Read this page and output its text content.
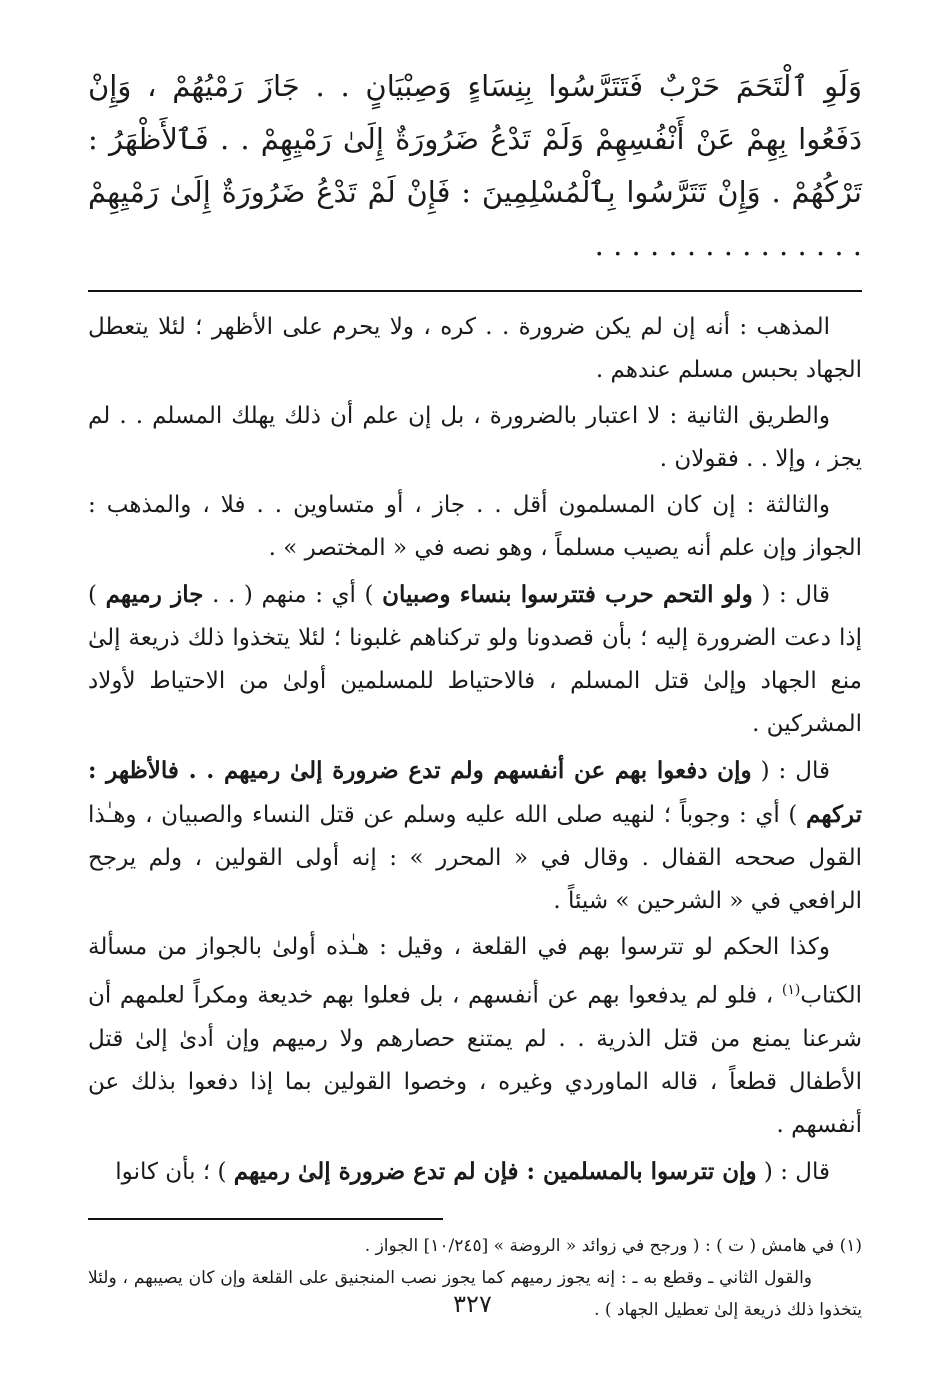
وَلَوِ ٱلْتَحَمَ حَرْبٌ فَتَتَرَّسُوا بِنِسَاءٍ وَصِبْيَانٍ . . جَازَ رَمْيُهُمْ ، وَإِنْ دَفَعُوا بِهِمْ عَنْ أَنْفُسِهِمْ وَلَمْ تَدْعُ ضَرُورَةٌ إِلَىٰ رَمْيِهِمْ . . فَٱلأَظْهَرُ : تَرْكُهُمْ . وَإِنْ تَتَرَّسُوا بِٱلْمُسْلِمِينَ : فَإِنْ لَمْ تَدْعُ ضَرُورَةٌ إِلَىٰ رَمْيِهِمْ . . . . . . . . . . . . . . .

المذهب : أنه إن لم يكن ضرورة . . كره ، ولا يحرم على الأظهر ؛ لئلا يتعطل الجهاد بحبس مسلم عندهم .

والطريق الثانية : لا اعتبار بالضرورة ، بل إن علم أن ذلك يهلك المسلم . . لم يجز ، وإلا . . فقولان .

والثالثة : إن كان المسلمون أقل . . جاز ، أو متساوين . . فلا ، والمذهب : الجواز وإن علم أنه يصيب مسلماً ، وهو نصه في « المختصر » .

قال : ( ولو التحم حرب فتترسوا بنساء وصبيان ) أي : منهم ( . . جاز رميهم ) إذا دعت الضرورة إليه ؛ بأن قصدونا ولو تركناهم غلبونا ؛ لئلا يتخذوا ذلك ذريعة إلىٰ منع الجهاد وإلىٰ قتل المسلم ، فالاحتياط للمسلمين أولىٰ من الاحتياط لأولاد المشركين .

قال : ( وإن دفعوا بهم عن أنفسهم ولم تدع ضرورة إلىٰ رميهم . . فالأظهر : تركهم ) أي : وجوباً ؛ لنهيه صلى الله عليه وسلم عن قتل النساء والصبيان ، وهـٰذا القول صححه القفال . وقال في « المحرر » : إنه أولى القولين ، ولم يرجح الرافعي في « الشرحين » شيئاً .

وكذا الحكم لو تترسوا بهم في القلعة ، وقيل : هـٰذه أولىٰ بالجواز من مسألة الكتاب$^{(١)}$ ، فلو لم يدفعوا بهم عن أنفسهم ، بل فعلوا بهم خديعة ومكراً لعلمهم أن شرعنا يمنع من قتل الذرية . . لم يمتنع حصارهم ولا رميهم وإن أدىٰ إلىٰ قتل الأطفال قطعاً ، قاله الماوردي وغيره ، وخصوا القولين بما إذا دفعوا بذلك عن أنفسهم .

قال : ( وإن تترسوا بالمسلمين : فإن لم تدع ضرورة إلىٰ رميهم ) ؛ بأن كانوا

(١) في هامش ( ت ) : ( ورجح في زوائد « الروضة » [١٠/٢٤٥] الجواز .

والقول الثاني ـ وقطع به ـ : إنه يجوز رميهم كما يجوز نصب المنجنيق على القلعة وإن كان يصيبهم ، ولئلا يتخذوا ذلك ذريعة إلىٰ تعطيل الجهاد ) .

٣٢٧
